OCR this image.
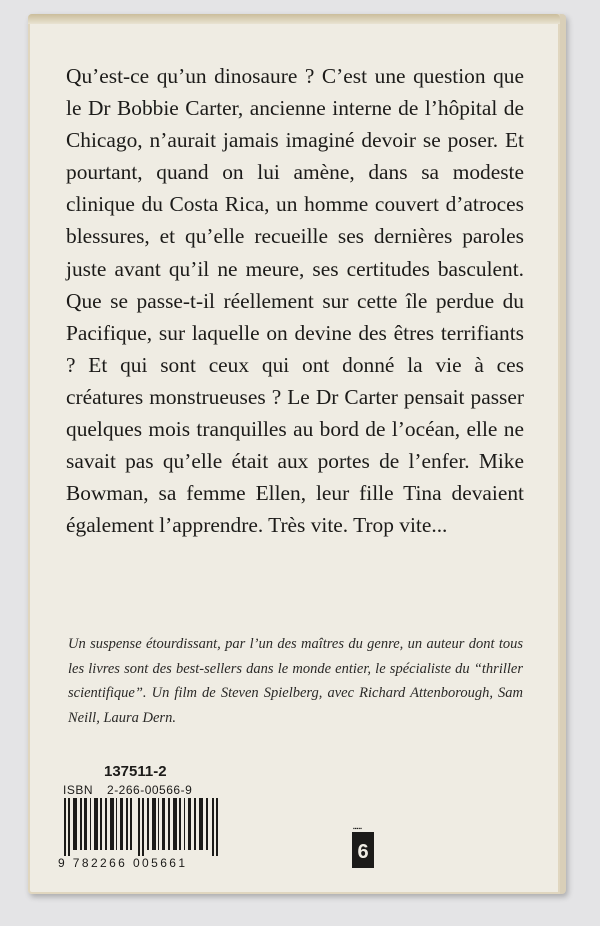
Qu’est-ce qu’un dinosaure ? C’est une question que le Dr Bobbie Carter, ancienne interne de l’hôpital de Chicago, n’aurait jamais imaginé devoir se poser. Et pourtant, quand on lui amène, dans sa modeste clinique du Costa Rica, un homme couvert d’atroces blessures, et qu’elle recueille ses dernières paroles juste avant qu’il ne meure, ses certitudes basculent. Que se passe-t-il réellement sur cette île perdue du Pacifique, sur laquelle on devine des êtres terrifiants ? Et qui sont ceux qui ont donné la vie à ces créatures monstrueuses ? Le Dr Carter pensait passer quelques mois tranquilles au bord de l’océan, elle ne savait pas qu’elle était aux portes de l’enfer. Mike Bowman, sa femme Ellen, leur fille Tina devaient également l’apprendre. Très vite. Trop vite...

Un suspense étourdissant, par l’un des maîtres du genre, un auteur dont tous les livres sont des best-sellers dans le monde entier, le spécialiste du “thriller scientifique”. Un film de Steven Spielberg, avec Richard Attenborough, Sam Neill, Laura Dern.

137511-2
ISBN 2-266-00566-9
9 782266 005661
▪▪▪▪▪
6
